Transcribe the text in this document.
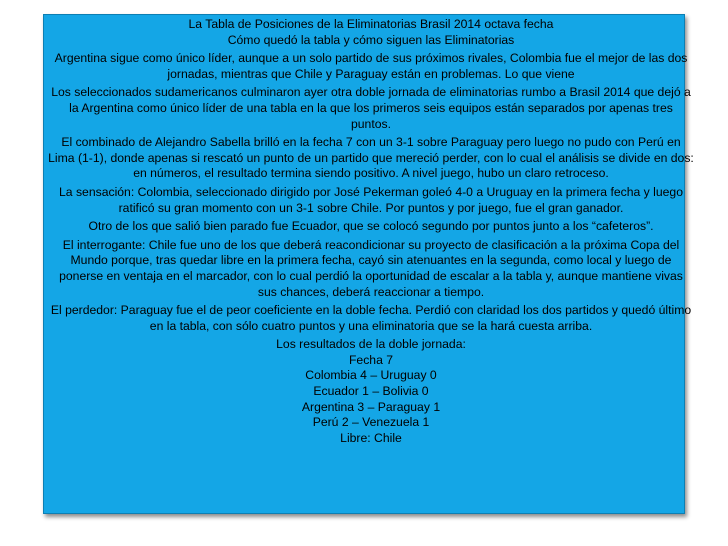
La Tabla de Posiciones de la Eliminatorias Brasil 2014 octava fecha

Cómo quedó la tabla y cómo siguen las Eliminatorias

Argentina sigue como único líder, aunque a un solo partido de sus próximos rivales, Colombia fue el mejor de las dos jornadas, mientras que Chile y Paraguay están en problemas. Lo que viene

Los seleccionados sudamericanos culminaron ayer otra doble jornada de eliminatorias rumbo a Brasil 2014 que dejó a la Argentina como único líder de una tabla en la que los primeros seis equipos están separados por apenas tres puntos.

El combinado de Alejandro Sabella brilló en la fecha 7 con un 3-1 sobre Paraguay pero luego no pudo con Perú en Lima (1-1), donde apenas si rescató un punto de un partido que mereció perder, con lo cual el análisis se divide en dos: en números, el resultado termina siendo positivo. A nivel juego, hubo un claro retroceso.

La sensación: Colombia, seleccionado dirigido por José Pekerman goleó 4-0 a Uruguay en la primera fecha y luego ratificó su gran momento con un 3-1 sobre Chile. Por puntos y por juego, fue el gran ganador.

Otro de los que salió bien parado fue Ecuador, que se colocó segundo por puntos junto a los “cafeteros”.

El interrogante: Chile fue uno de los que deberá reacondicionar su proyecto de clasificación a la próxima Copa del Mundo porque, tras quedar libre en la primera fecha, cayó sin atenuantes en la segunda, como local y luego de ponerse en ventaja en el marcador, con lo cual perdió la oportunidad de escalar a la tabla y, aunque mantiene vivas sus chances, deberá reaccionar a tiempo.

El perdedor: Paraguay fue el de peor coeficiente en la doble fecha. Perdió con claridad los dos partidos y quedó último en la tabla, con sólo cuatro puntos y una eliminatoria que se la hará cuesta arriba.

Los resultados de la doble jornada:
Fecha 7
Colombia 4 – Uruguay 0
Ecuador 1 – Bolivia 0
Argentina 3 – Paraguay 1
Perú 2 – Venezuela 1
Libre: Chile
